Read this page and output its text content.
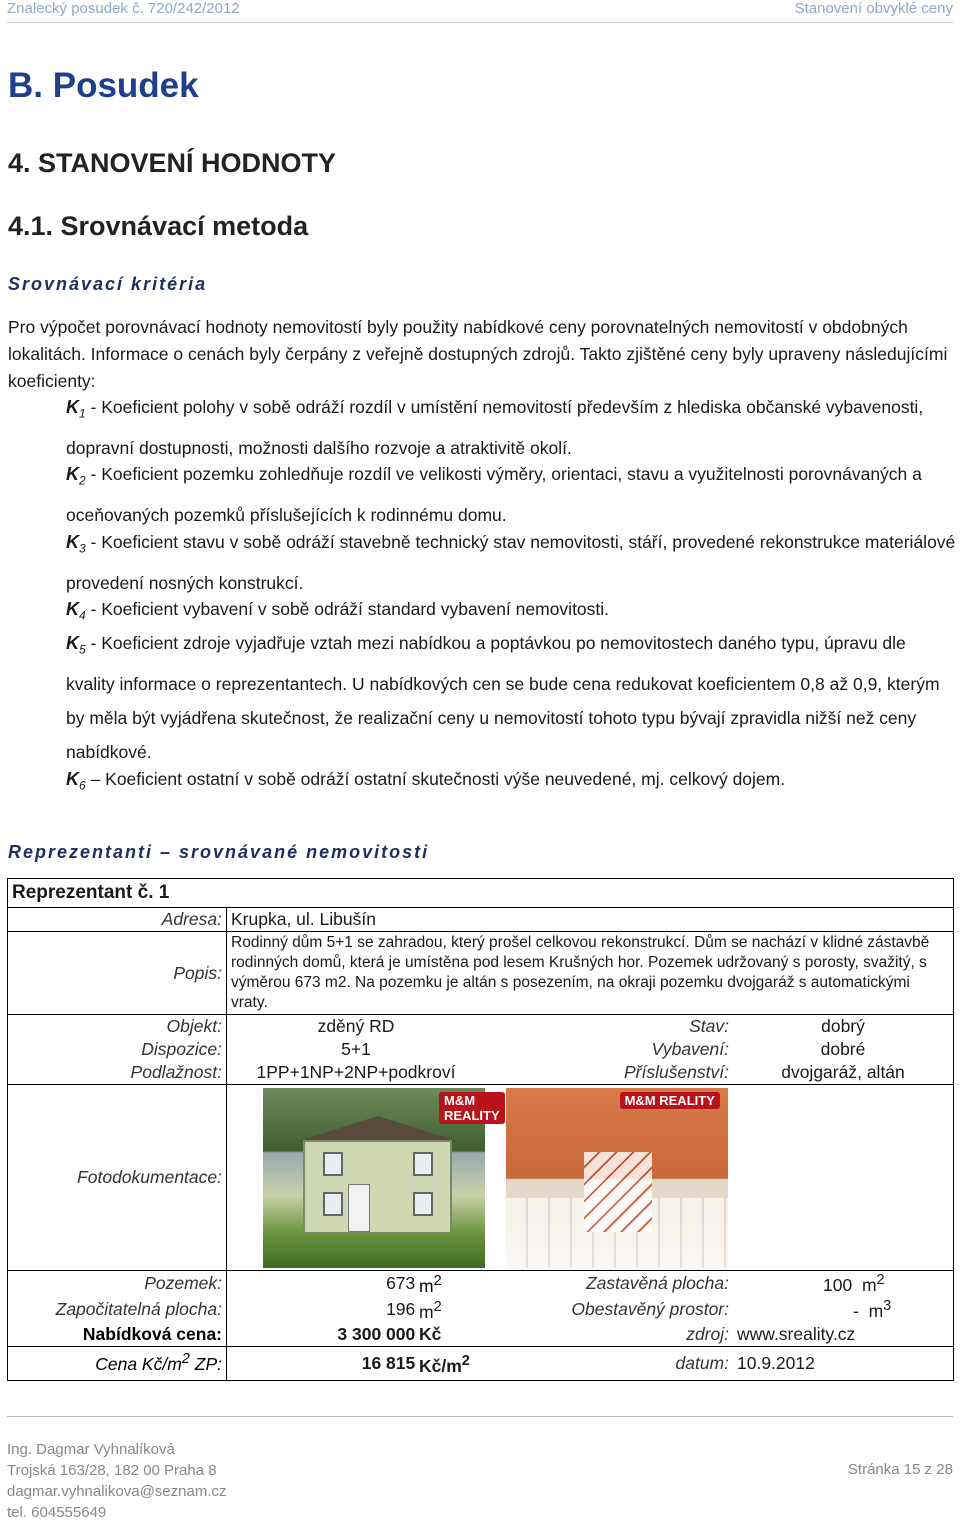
Znalecký posudek č. 720/242/2012	Stanovení obvyklé ceny
B. Posudek
4. STANOVENÍ HODNOTY
4.1. Srovnávací metoda
Srovnávací kritéria

Pro výpočet porovnávací hodnoty nemovitostí byly použity nabídkové ceny porovnatelných nemovitostí v obdobných lokalitách. Informace o cenách byly čerpány z veřejně dostupných zdrojů. Takto zjištěné ceny byly upraveny následujícími koeficienty:

$K_1$ - Koeficient polohy v sobě odráží rozdíl v umístění nemovitostí především z hlediska občanské vybavenosti, dopravní dostupnosti, možnosti dalšího rozvoje a atraktivitě okolí.

$K_2$ - Koeficient pozemku zohledňuje rozdíl ve velikosti výměry, orientaci, stavu a využitelnosti porovnávaných a oceňovaných pozemků příslušejících k rodinnému domu.

$K_3$ - Koeficient stavu v sobě odráží stavebně technický stav nemovitosti, stáří, provedené rekonstrukce materiálové provedení nosných konstrukcí.

$K_4$ - Koeficient vybavení v sobě odráží standard vybavení nemovitosti.

$K_5$ - Koeficient zdroje vyjadřuje vztah mezi nabídkou a poptávkou po nemovitostech daného typu, úpravu dle kvality informace o reprezentantech. U nabídkových cen se bude cena redukovat koeficientem 0,8 až 0,9, kterým by měla být vyjádřena skutečnost, že realizační ceny u nemovitostí tohoto typu bývají zpravidla nižší než ceny nabídkové.

$K_6$ – Koeficient ostatní v sobě odráží ostatní skutečnosti výše neuvedené, mj. celkový dojem.

Reprezentanti – srovnávané nemovitosti
Reprezentant č. 1			
Adresa:	Krupka, ul. Libušín		
Popis:	Rodinný dům 5+1 se zahradou, který prošel celkovou rekonstrukcí. Dům se nachází v klidné zástavbě rodinných domů, která je umístěna pod lesem Krušných hor. Pozemek udržovaný s porosty, svažitý, s výměrou 673 m2. Na pozemku je altán s posezením, na okraji pozemku dvojgaráž s automatickými vraty.		
Objekt:	zděný RD	Stav:	dobrý
Dispozice:	5+1	Vybavení:	dobré
Podlažnost:	1PP+1NP+2NP+podkroví	Příslušenství:	dvojgaráž, altán
Fotodokumentace:	M&M REALITY

M&M REALITY		

Pozemek:	673 $m^2$	Zastavěná plocha:	100 $m^2$
Započitatelná plocha:	196 $m^2$	Obestavěný prostor:	- $m^3$
Nabídková cena:	3 300 000 Kč	zdroj:	www.sreality.cz
Cena $Kč/m^2$ ZP:	16 815 $Kč/m^2$	datum:	10.9.2012
Ing. Dagmar Vyhnalíková
Trojská 163/28, 182 00 Praha 8
dagmar.vyhnalikova@seznam.cz
tel. 604555649
Stránka 15 z 28
